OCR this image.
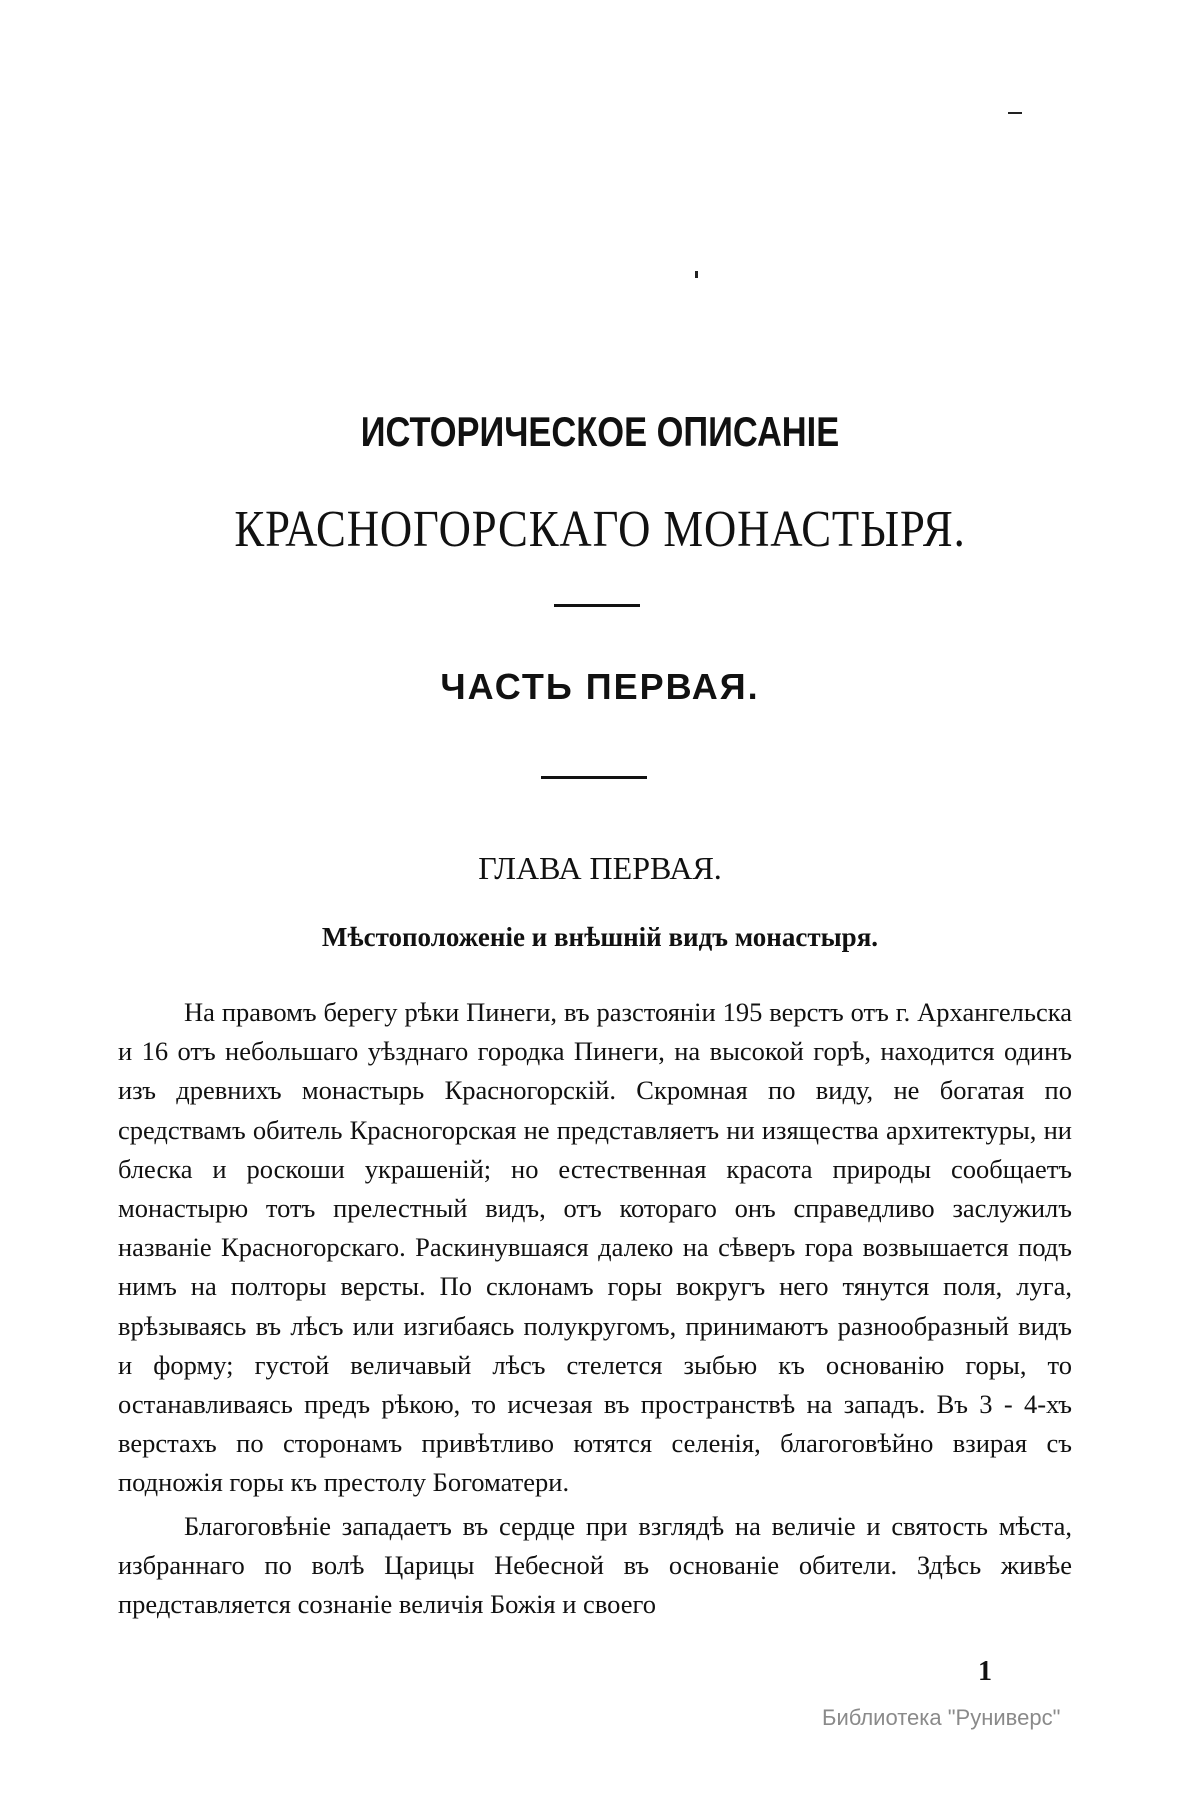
ИСТОРИЧЕСКОЕ ОПИСАНIЕ
КРАСНОГОРСКАГО МОНАСТЫРЯ.
ЧАСТЬ ПЕРВАЯ.
ГЛАВА ПЕРВАЯ.
Мѣстоположенiе и внѣшнiй видъ монастыря.

На правомъ берегу рѣки Пинеги, въ разстоянiи 195 верстъ отъ г. Архангельска и 16 отъ небольшаго уѣзднаго городка Пинеги, на высокой горѣ, находится одинъ изъ древнихъ монастырь Красногорскiй. Скромная по виду, не богатая по средствамъ обитель Красногорская не представляетъ ни изящества архитектуры, ни блеска и роскоши украшенiй; но естественная красота природы сообщаетъ монастырю тотъ прелестный видъ, отъ котораго онъ справедливо заслужилъ названiе Красногорскаго. Раскинувшаяся далеко на сѣверъ гора возвышается подъ нимъ на полторы версты. По склонамъ горы вокругъ него тянутся поля, луга, врѣзываясь въ лѣсъ или изгибаясь полукругомъ, принимаютъ разнообразный видъ и форму; густой величавый лѣсъ стелется зыбью къ основанiю горы, то останавливаясь предъ рѣкою, то исчезая въ пространствѣ на западъ. Въ 3 - 4-хъ верстахъ по сторонамъ привѣтливо ютятся селенiя, благоговѣйно взирая съ подножiя горы къ престолу Богоматери.

Благоговѣнiе западаетъ въ сердце при взглядѣ на величiе и святость мѣста, избраннаго по волѣ Царицы Небесной въ основанiе обители. Здѣсь живѣе представляется сознанiе величiя Божiя и своего

1
Библиотека "Руниверс"
